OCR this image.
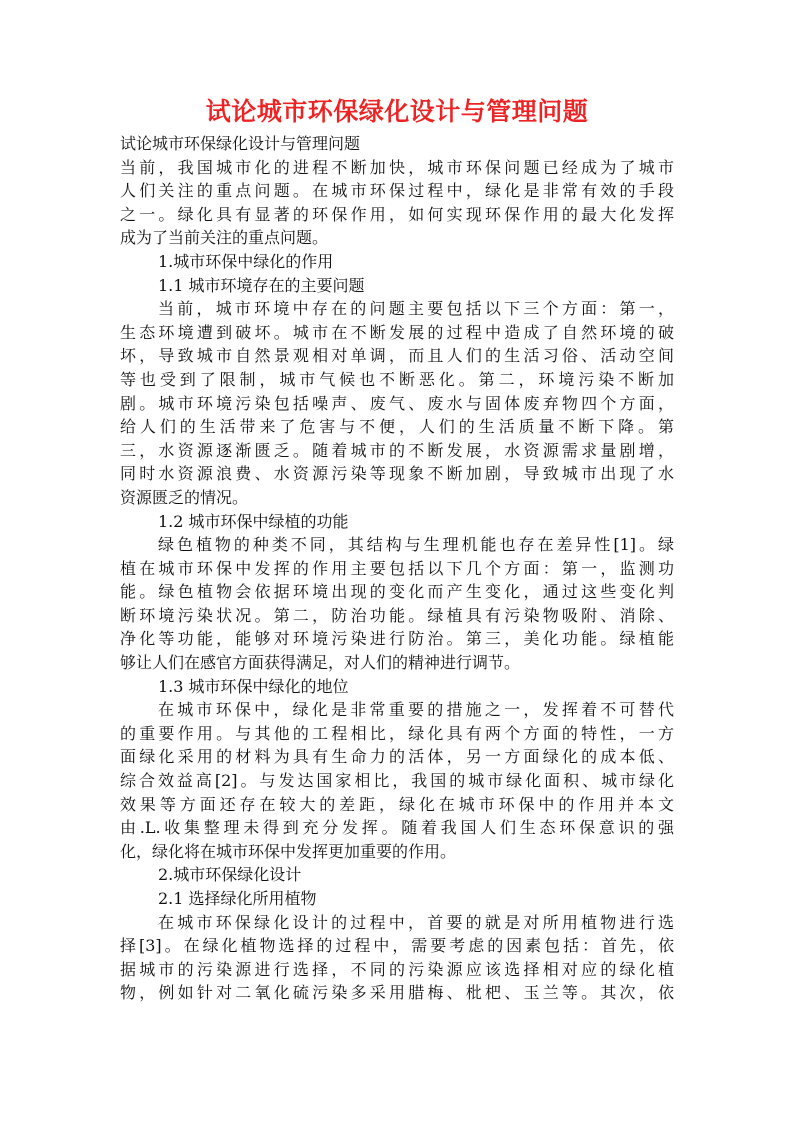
试论城市环保绿化设计与管理问题
试论城市环保绿化设计与管理问题
当前，我国城市化的进程不断加快，城市环保问题已经成为了城市
人们关注的重点问题。在城市环保过程中，绿化是非常有效的手段
之一。绿化具有显著的环保作用，如何实现环保作用的最大化发挥
成为了当前关注的重点问题。
1.城市环保中绿化的作用
1.1 城市环境存在的主要问题
当前，城市环境中存在的问题主要包括以下三个方面：第一，
生态环境遭到破坏。城市在不断发展的过程中造成了自然环境的破
坏，导致城市自然景观相对单调，而且人们的生活习俗、活动空间
等也受到了限制，城市气候也不断恶化。第二，环境污染不断加
剧。城市环境污染包括噪声、废气、废水与固体废弃物四个方面，
给人们的生活带来了危害与不便，人们的生活质量不断下降。第
三，水资源逐渐匮乏。随着城市的不断发展，水资源需求量剧增，
同时水资源浪费、水资源污染等现象不断加剧，导致城市出现了水
资源匮乏的情况。
1.2 城市环保中绿植的功能
绿色植物的种类不同，其结构与生理机能也存在差异性[1]。绿
植在城市环保中发挥的作用主要包括以下几个方面：第一，监测功
能。绿色植物会依据环境出现的变化而产生变化，通过这些变化判
断环境污染状况。第二，防治功能。绿植具有污染物吸附、消除、
净化等功能，能够对环境污染进行防治。第三，美化功能。绿植能
够让人们在感官方面获得满足，对人们的精神进行调节。
1.3 城市环保中绿化的地位
在城市环保中，绿化是非常重要的措施之一，发挥着不可替代
的重要作用。与其他的工程相比，绿化具有两个方面的特性，一方
面绿化采用的材料为具有生命力的活体，另一方面绿化的成本低、
综合效益高[2]。与发达国家相比，我国的城市绿化面积、城市绿化
效果等方面还存在较大的差距，绿化在城市环保中的作用并本文
由.L.收集整理未得到充分发挥。随着我国人们生态环保意识的强
化，绿化将在城市环保中发挥更加重要的作用。
2.城市环保绿化设计
2.1 选择绿化所用植物
在城市环保绿化设计的过程中，首要的就是对所用植物进行选
择[3]。在绿化植物选择的过程中，需要考虑的因素包括：首先，依
据城市的污染源进行选择，不同的污染源应该选择相对应的绿化植
物，例如针对二氧化硫污染多采用腊梅、枇杷、玉兰等。其次，依
